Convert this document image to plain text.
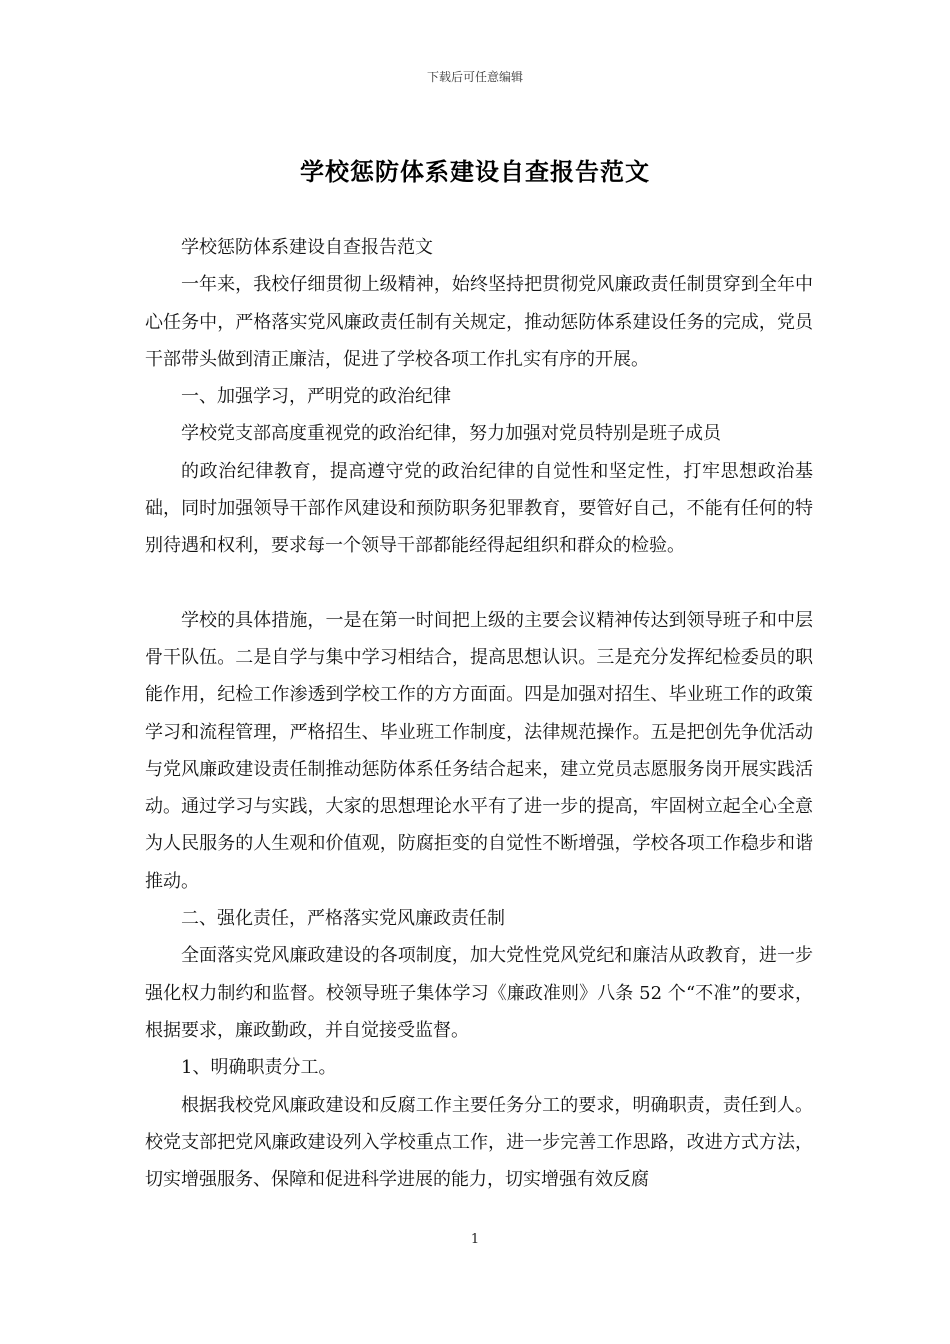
下载后可任意编辑
学校惩防体系建设自查报告范文

学校惩防体系建设自查报告范文

一年来，我校仔细贯彻上级精神，始终坚持把贯彻党风廉政责任制贯穿到全年中心任务中，严格落实党风廉政责任制有关规定，推动惩防体系建设任务的完成，党员干部带头做到清正廉洁，促进了学校各项工作扎实有序的开展。

一、加强学习，严明党的政治纪律

学校党支部高度重视党的政治纪律，努力加强对党员特别是班子成员

的政治纪律教育，提高遵守党的政治纪律的自觉性和坚定性，打牢思想政治基础，同时加强领导干部作风建设和预防职务犯罪教育，要管好自己，不能有任何的特别待遇和权利，要求每一个领导干部都能经得起组织和群众的检验。

学校的具体措施，一是在第一时间把上级的主要会议精神传达到领导班子和中层骨干队伍。二是自学与集中学习相结合，提高思想认识。三是充分发挥纪检委员的职能作用，纪检工作渗透到学校工作的方方面面。四是加强对招生、毕业班工作的政策学习和流程管理，严格招生、毕业班工作制度，法律规范操作。五是把创先争优活动与党风廉政建设责任制推动惩防体系任务结合起来，建立党员志愿服务岗开展实践活动。通过学习与实践，大家的思想理论水平有了进一步的提高，牢固树立起全心全意为人民服务的人生观和价值观，防腐拒变的自觉性不断增强，学校各项工作稳步和谐推动。

二、强化责任，严格落实党风廉政责任制

全面落实党风廉政建设的各项制度，加大党性党风党纪和廉洁从政教育，进一步强化权力制约和监督。校领导班子集体学习《廉政准则》八条 52 个“不准”的要求，根据要求，廉政勤政，并自觉接受监督。

1、明确职责分工。

根据我校党风廉政建设和反腐工作主要任务分工的要求，明确职责，责任到人。校党支部把党风廉政建设列入学校重点工作，进一步完善工作思路，改进方式方法，切实增强服务、保障和促进科学进展的能力，切实增强有效反腐

1
